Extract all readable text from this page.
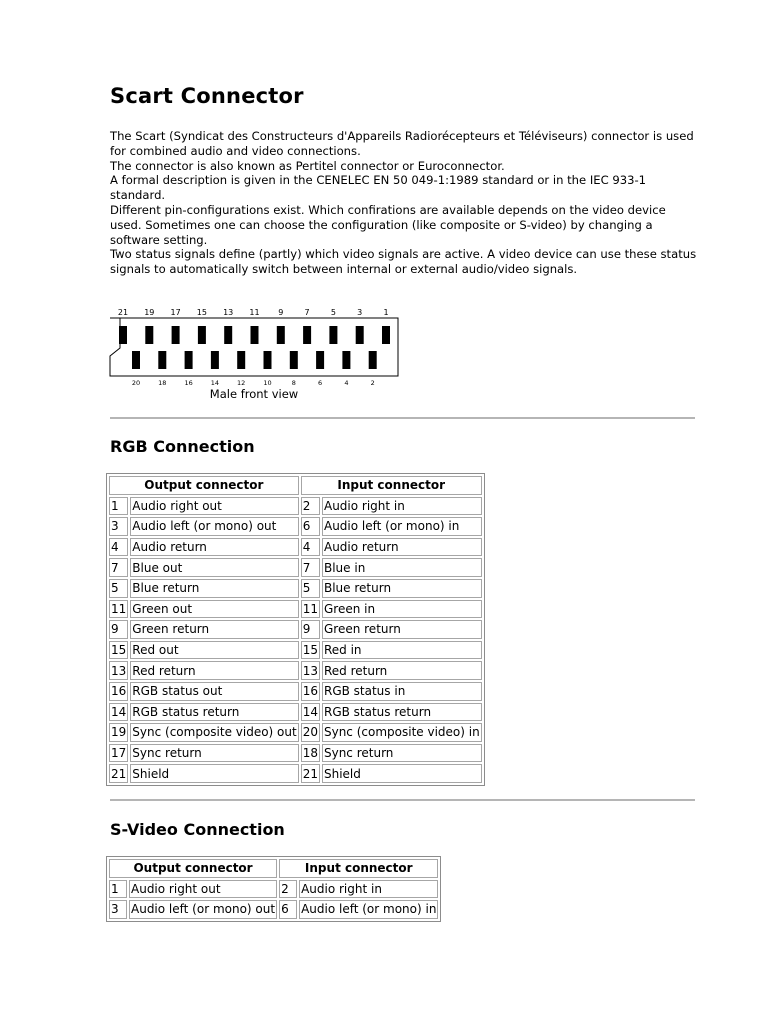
Scart Connector

The Scart (Syndicat des Constructeurs d'Appareils Radiorécepteurs et Téléviseurs) connector is used for combined audio and video connections.

The connector is also known as Pertitel connector or Euroconnector.

A formal description is given in the CENELEC EN 50 049-1:1989 standard or in the IEC 933-1 standard.

Different pin-configurations exist. Which confirations are available depends on the video device used. Sometimes one can choose the configuration (like composite or S-video) by changing a software setting.

Two status signals define (partly) which video signals are active. A video device can use these status signals to automatically switch between internal or external audio/video signals.

21 19 17 15 13 11 9	7	5	3	1
20	18	16	14	12	10	8	6	4	2
Male front view
RGB Connection
Output connector		Input connector	
1	Audio right out	2	Audio right in
3	Audio left (or mono) out	6	Audio left (or mono) in
4	Audio return	4	Audio return
7	Blue out	7	Blue in
5	Blue return	5	Blue return
11	Green out	11	Green in
9	Green return	9	Green return
15	Red out	15	Red in
13	Red return	13	Red return
16	RGB status out	16	RGB status in
14	RGB status return	14	RGB status return
19	Sync (composite video) out	20	Sync (composite video) in
17	Sync return	18	Sync return
21	Shield	21	Shield
S-Video Connection
Output connector		Input connector	
1	Audio right out	2	Audio right in
3	Audio left (or mono) out	6	Audio left (or mono) in
